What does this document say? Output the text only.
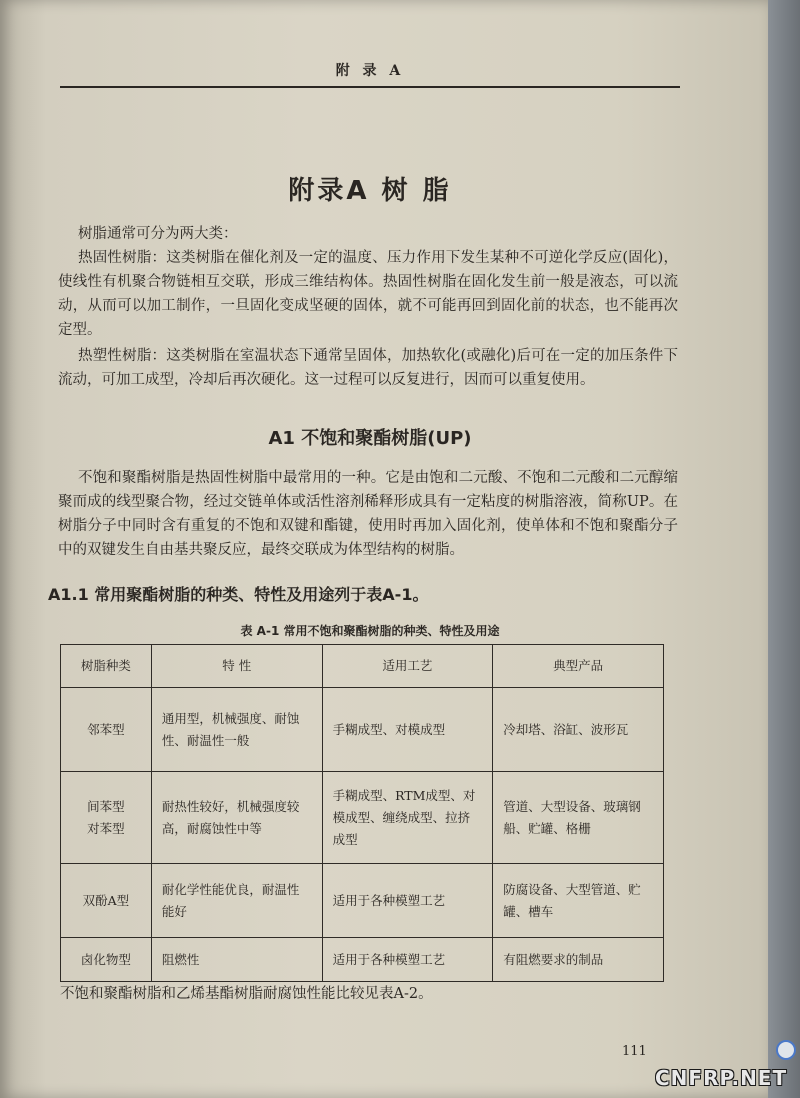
附 录 A
附录A 树 脂
树脂通常可分为两大类：
热固性树脂：这类树脂在催化剂及一定的温度、压力作用下发生某种不可逆化学反应(固化)，使线性有机聚合物链相互交联，形成三维结构体。热固性树脂在固化发生前一般是液态，可以流动，从而可以加工制作，一旦固化变成坚硬的固体，就不可能再回到固化前的状态，也不能再次定型。
热塑性树脂：这类树脂在室温状态下通常呈固体，加热软化(或融化)后可在一定的加压条件下流动，可加工成型，冷却后再次硬化。这一过程可以反复进行，因而可以重复使用。
A1 不饱和聚酯树脂(UP)
不饱和聚酯树脂是热固性树脂中最常用的一种。它是由饱和二元酸、不饱和二元酸和二元醇缩聚而成的线型聚合物，经过交链单体或活性溶剂稀释形成具有一定粘度的树脂溶液，简称UP。在树脂分子中同时含有重复的不饱和双键和酯键，使用时再加入固化剂，使单体和不饱和聚酯分子中的双键发生自由基共聚反应，最终交联成为体型结构的树脂。
A1.1 常用聚酯树脂的种类、特性及用途列于表A-1。
表 A-1 常用不饱和聚酯树脂的种类、特性及用途
树脂种类	特 性	适用工艺	典型产品
邻苯型	通用型，机械强度、耐蚀性、耐温性一般	手糊成型、对模成型	冷却塔、浴缸、波形瓦
间苯型
对苯型	耐热性较好，机械强度较高，耐腐蚀性中等	手糊成型、RTM成型、对模成型、缠绕成型、拉挤成型	管道、大型设备、玻璃钢船、贮罐、格栅
双酚A型	耐化学性能优良，耐温性能好	适用于各种模塑工艺	防腐设备、大型管道、贮罐、槽车
卤化物型	阻燃性	适用于各种模塑工艺	有阻燃要求的制品
不饱和聚酯树脂和乙烯基酯树脂耐腐蚀性能比较见表A-2。
111
CNFRP.NET
